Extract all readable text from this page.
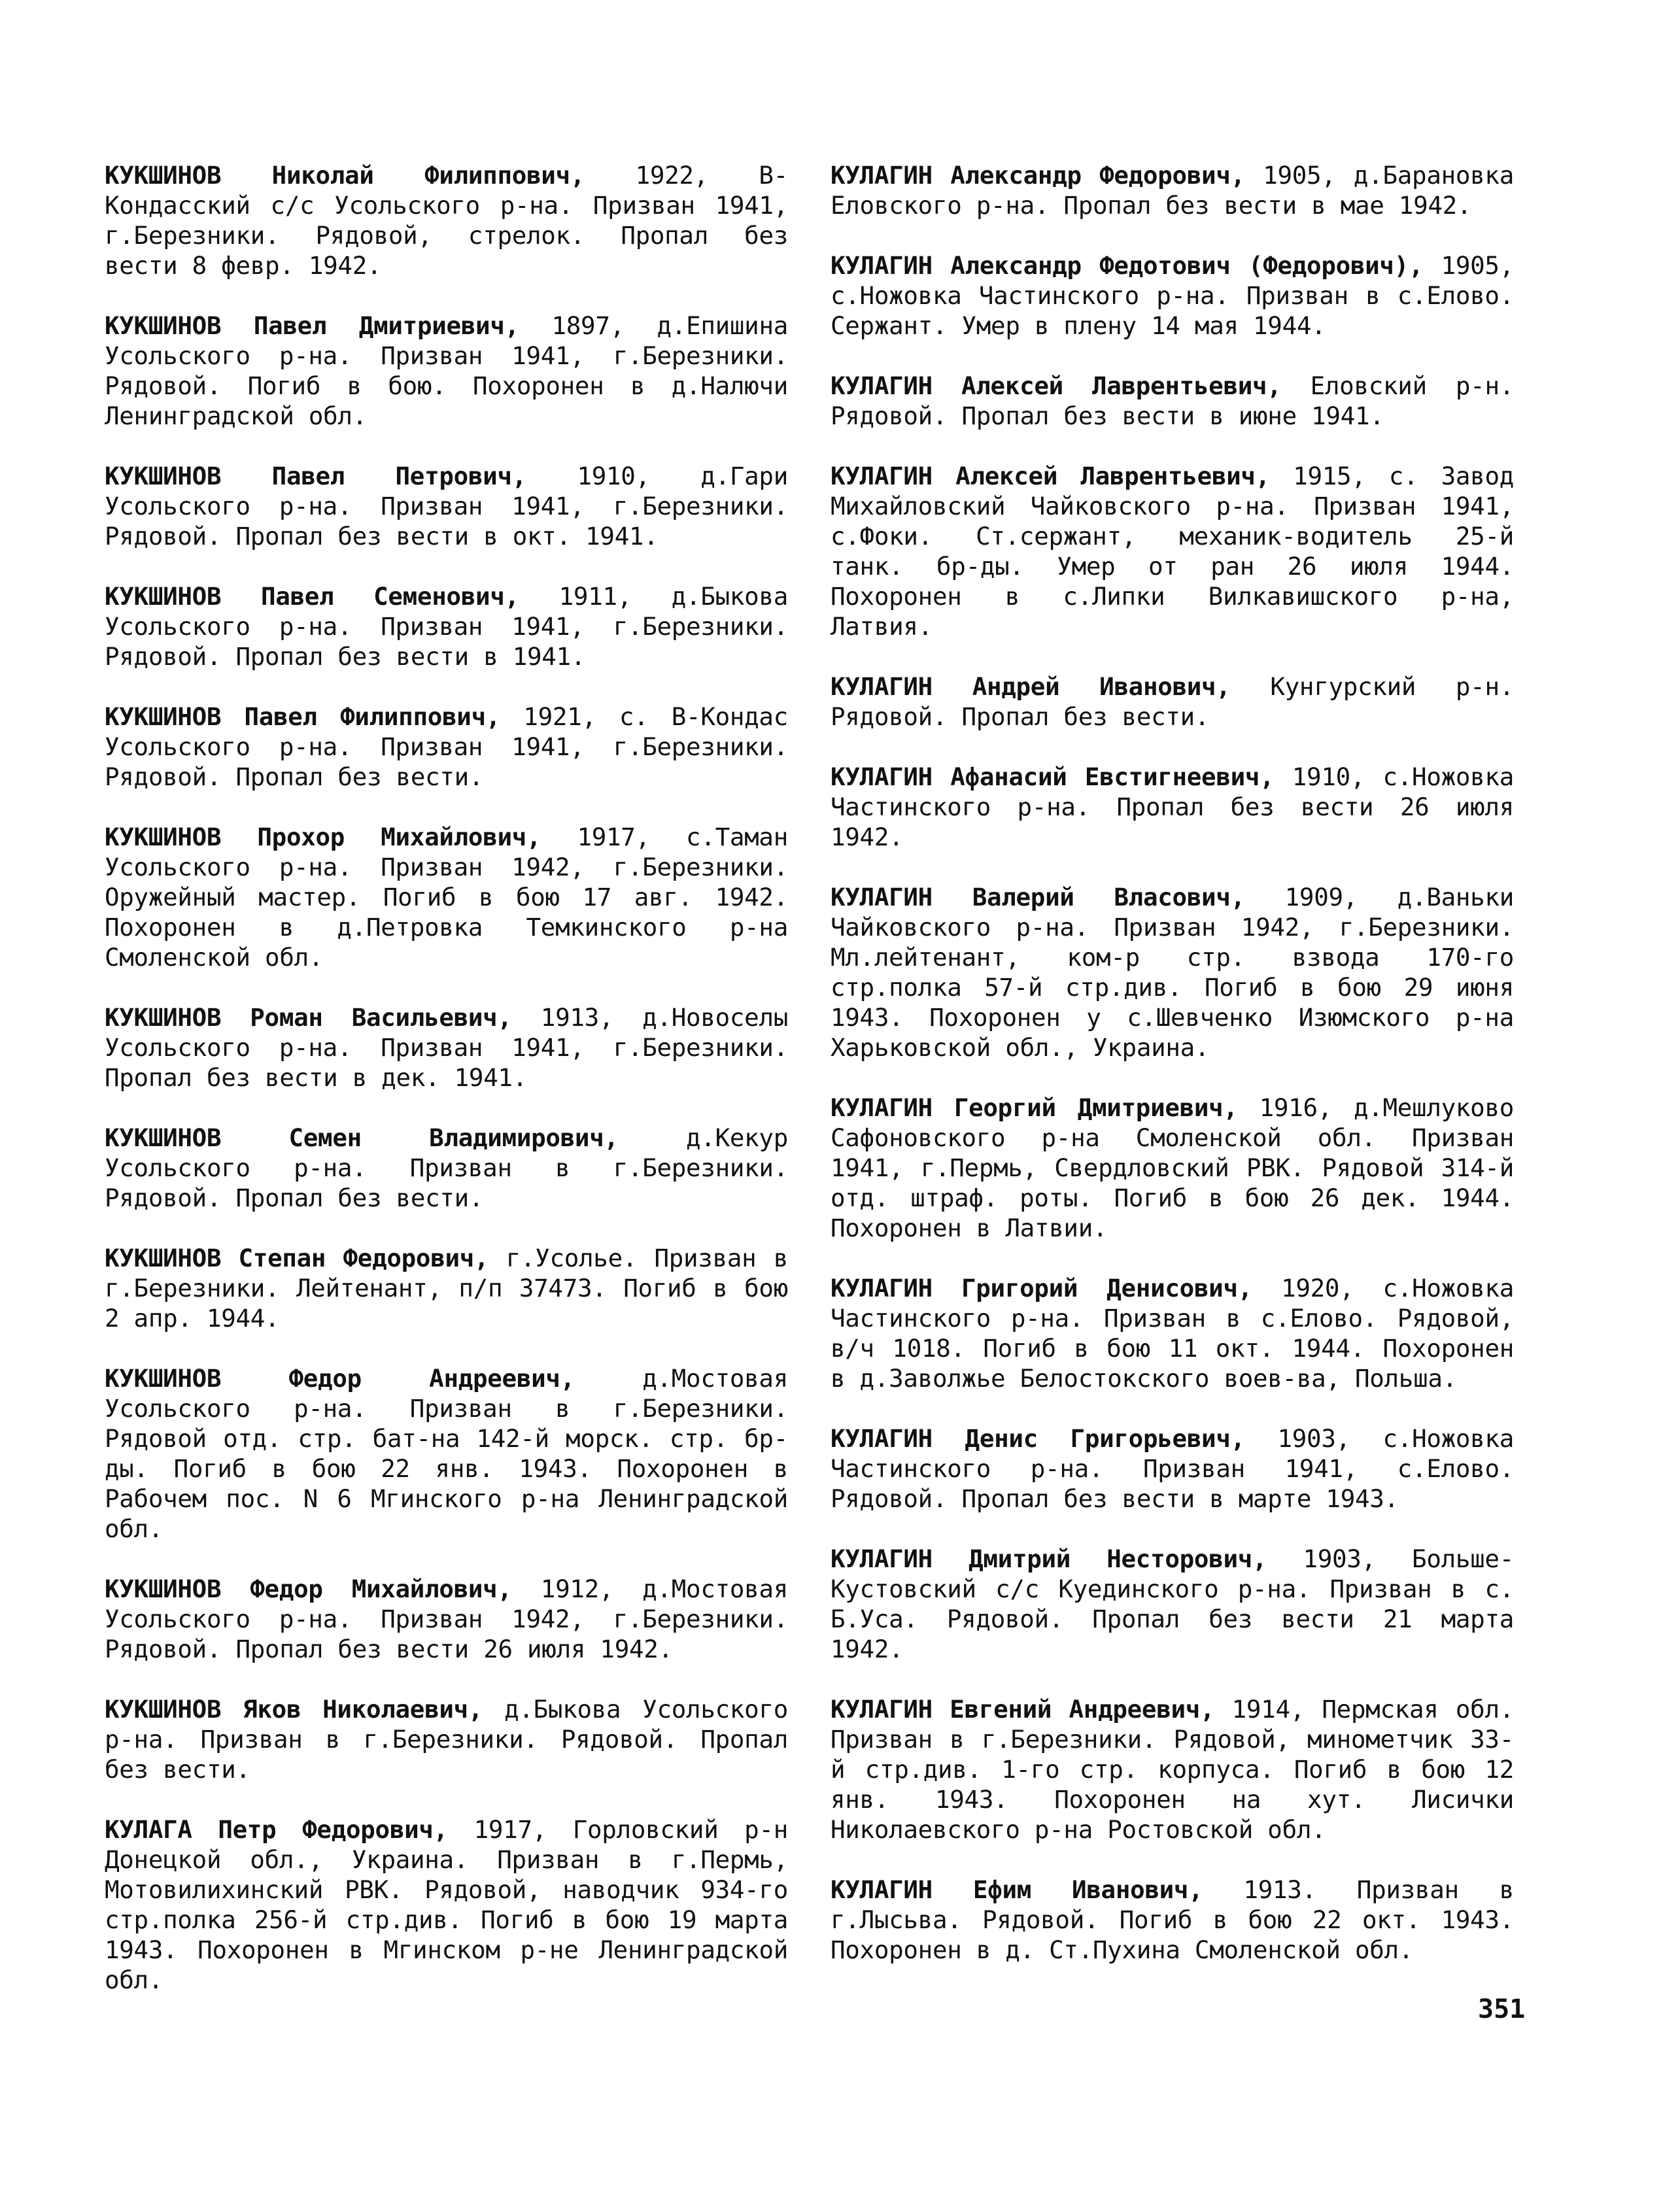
КУКШИНОВ Николай Филиппович, 1922, В-Кондасский с/с Усольского р-на. Призван 1941, г.Березники. Рядовой, стрелок. Пропал без вести 8 февр. 1942.

КУКШИНОВ Павел Дмитриевич, 1897, д.Епишина Усольского р-на. Призван 1941, г.Березники. Рядовой. Погиб в бою. Похоронен в д.Налючи Ленинградской обл.

КУКШИНОВ Павел Петрович, 1910, д.Гари Усольского р-на. Призван 1941, г.Березники. Рядовой. Пропал без вести в окт. 1941.

КУКШИНОВ Павел Семенович, 1911, д.Быкова Усольского р-на. Призван 1941, г.Березники. Рядовой. Пропал без вести в 1941.

КУКШИНОВ Павел Филиппович, 1921, с. В-Кондас Усольского р-на. Призван 1941, г.Березники. Рядовой. Пропал без вести.

КУКШИНОВ Прохор Михайлович, 1917, с.Таман Усольского р-на. Призван 1942, г.Березники. Оружейный мастер. Погиб в бою 17 авг. 1942. Похоронен в д.Петровка Темкинского р-на Смоленской обл.

КУКШИНОВ Роман Васильевич, 1913, д.Новоселы Усольского р-на. Призван 1941, г.Березники. Пропал без вести в дек. 1941.

КУКШИНОВ Семен Владимирович, д.Кекур Усольского р-на. Призван в г.Березники. Рядовой. Пропал без вести.

КУКШИНОВ Степан Федорович, г.Усолье. Призван в г.Березники. Лейтенант, п/п 37473. Погиб в бою 2 апр. 1944.

КУКШИНОВ Федор Андреевич, д.Мостовая Усольского р-на. Призван в г.Березники. Рядовой отд. стр. бат-на 142-й морск. стр. бр-ды. Погиб в бою 22 янв. 1943. Похоронен в Рабочем пос. N 6 Мгинского р-на Ленинградской обл.

КУКШИНОВ Федор Михайлович, 1912, д.Мостовая Усольского р-на. Призван 1942, г.Березники. Рядовой. Пропал без вести 26 июля 1942.

КУКШИНОВ Яков Николаевич, д.Быкова Усольского р-на. Призван в г.Березники. Рядовой. Пропал без вести.

КУЛАГА Петр Федорович, 1917, Горловский р-н Донецкой обл., Украина. Призван в г.Пермь, Мотовилихинский РВК. Рядовой, наводчик 934-го стр.полка 256-й стр.див. Погиб в бою 19 марта 1943. Похоронен в Мгинском р-не Ленинградской обл.

КУЛАГИН Александр Федорович, 1905, д.Барановка Еловского р-на. Пропал без вести в мае 1942.

КУЛАГИН Александр Федотович (Федорович), 1905, с.Ножовка Частинского р-на. Призван в с.Елово. Сержант. Умер в плену 14 мая 1944.

КУЛАГИН Алексей Лаврентьевич, Еловский р-н. Рядовой. Пропал без вести в июне 1941.

КУЛАГИН Алексей Лаврентьевич, 1915, с. Завод Михайловский Чайковского р-на. Призван 1941, с.Фоки. Ст.сержант, механик-водитель 25-й танк. бр-ды. Умер от ран 26 июля 1944. Похоронен в с.Липки Вилкавишского р-на, Латвия.

КУЛАГИН Андрей Иванович, Кунгурский р-н. Рядовой. Пропал без вести.

КУЛАГИН Афанасий Евстигнеевич, 1910, с.Ножовка Частинского р-на. Пропал без вести 26 июля 1942.

КУЛАГИН Валерий Власович, 1909, д.Ваньки Чайковского р-на. Призван 1942, г.Березники. Мл.лейтенант, ком-р стр. взвода 170-го стр.полка 57-й стр.див. Погиб в бою 29 июня 1943. Похоронен у с.Шевченко Изюмского р-на Харьковской обл., Украина.

КУЛАГИН Георгий Дмитриевич, 1916, д.Мешлуково Сафоновского р-на Смоленской обл. Призван 1941, г.Пермь, Свердловский РВК. Рядовой 314-й отд. штраф. роты. Погиб в бою 26 дек. 1944. Похоронен в Латвии.

КУЛАГИН Григорий Денисович, 1920, с.Ножовка Частинского р-на. Призван в с.Елово. Рядовой, в/ч 1018. Погиб в бою 11 окт. 1944. Похоронен в д.Заволжье Белостокского воев-ва, Польша.

КУЛАГИН Денис Григорьевич, 1903, с.Ножовка Частинского р-на. Призван 1941, с.Елово. Рядовой. Пропал без вести в марте 1943.

КУЛАГИН Дмитрий Несторович, 1903, Больше-Кустовский с/с Куединского р-на. Призван в с. Б.Уса. Рядовой. Пропал без вести 21 марта 1942.

КУЛАГИН Евгений Андреевич, 1914, Пермская обл. Призван в г.Березники. Рядовой, минометчик 33-й стр.див. 1-го стр. корпуса. Погиб в бою 12 янв. 1943. Похоронен на хут. Лисички Николаевского р-на Ростовской обл.

КУЛАГИН Ефим Иванович, 1913. Призван в г.Лысьва. Рядовой. Погиб в бою 22 окт. 1943. Похоронен в д. Ст.Пухина Смоленской обл.

351
